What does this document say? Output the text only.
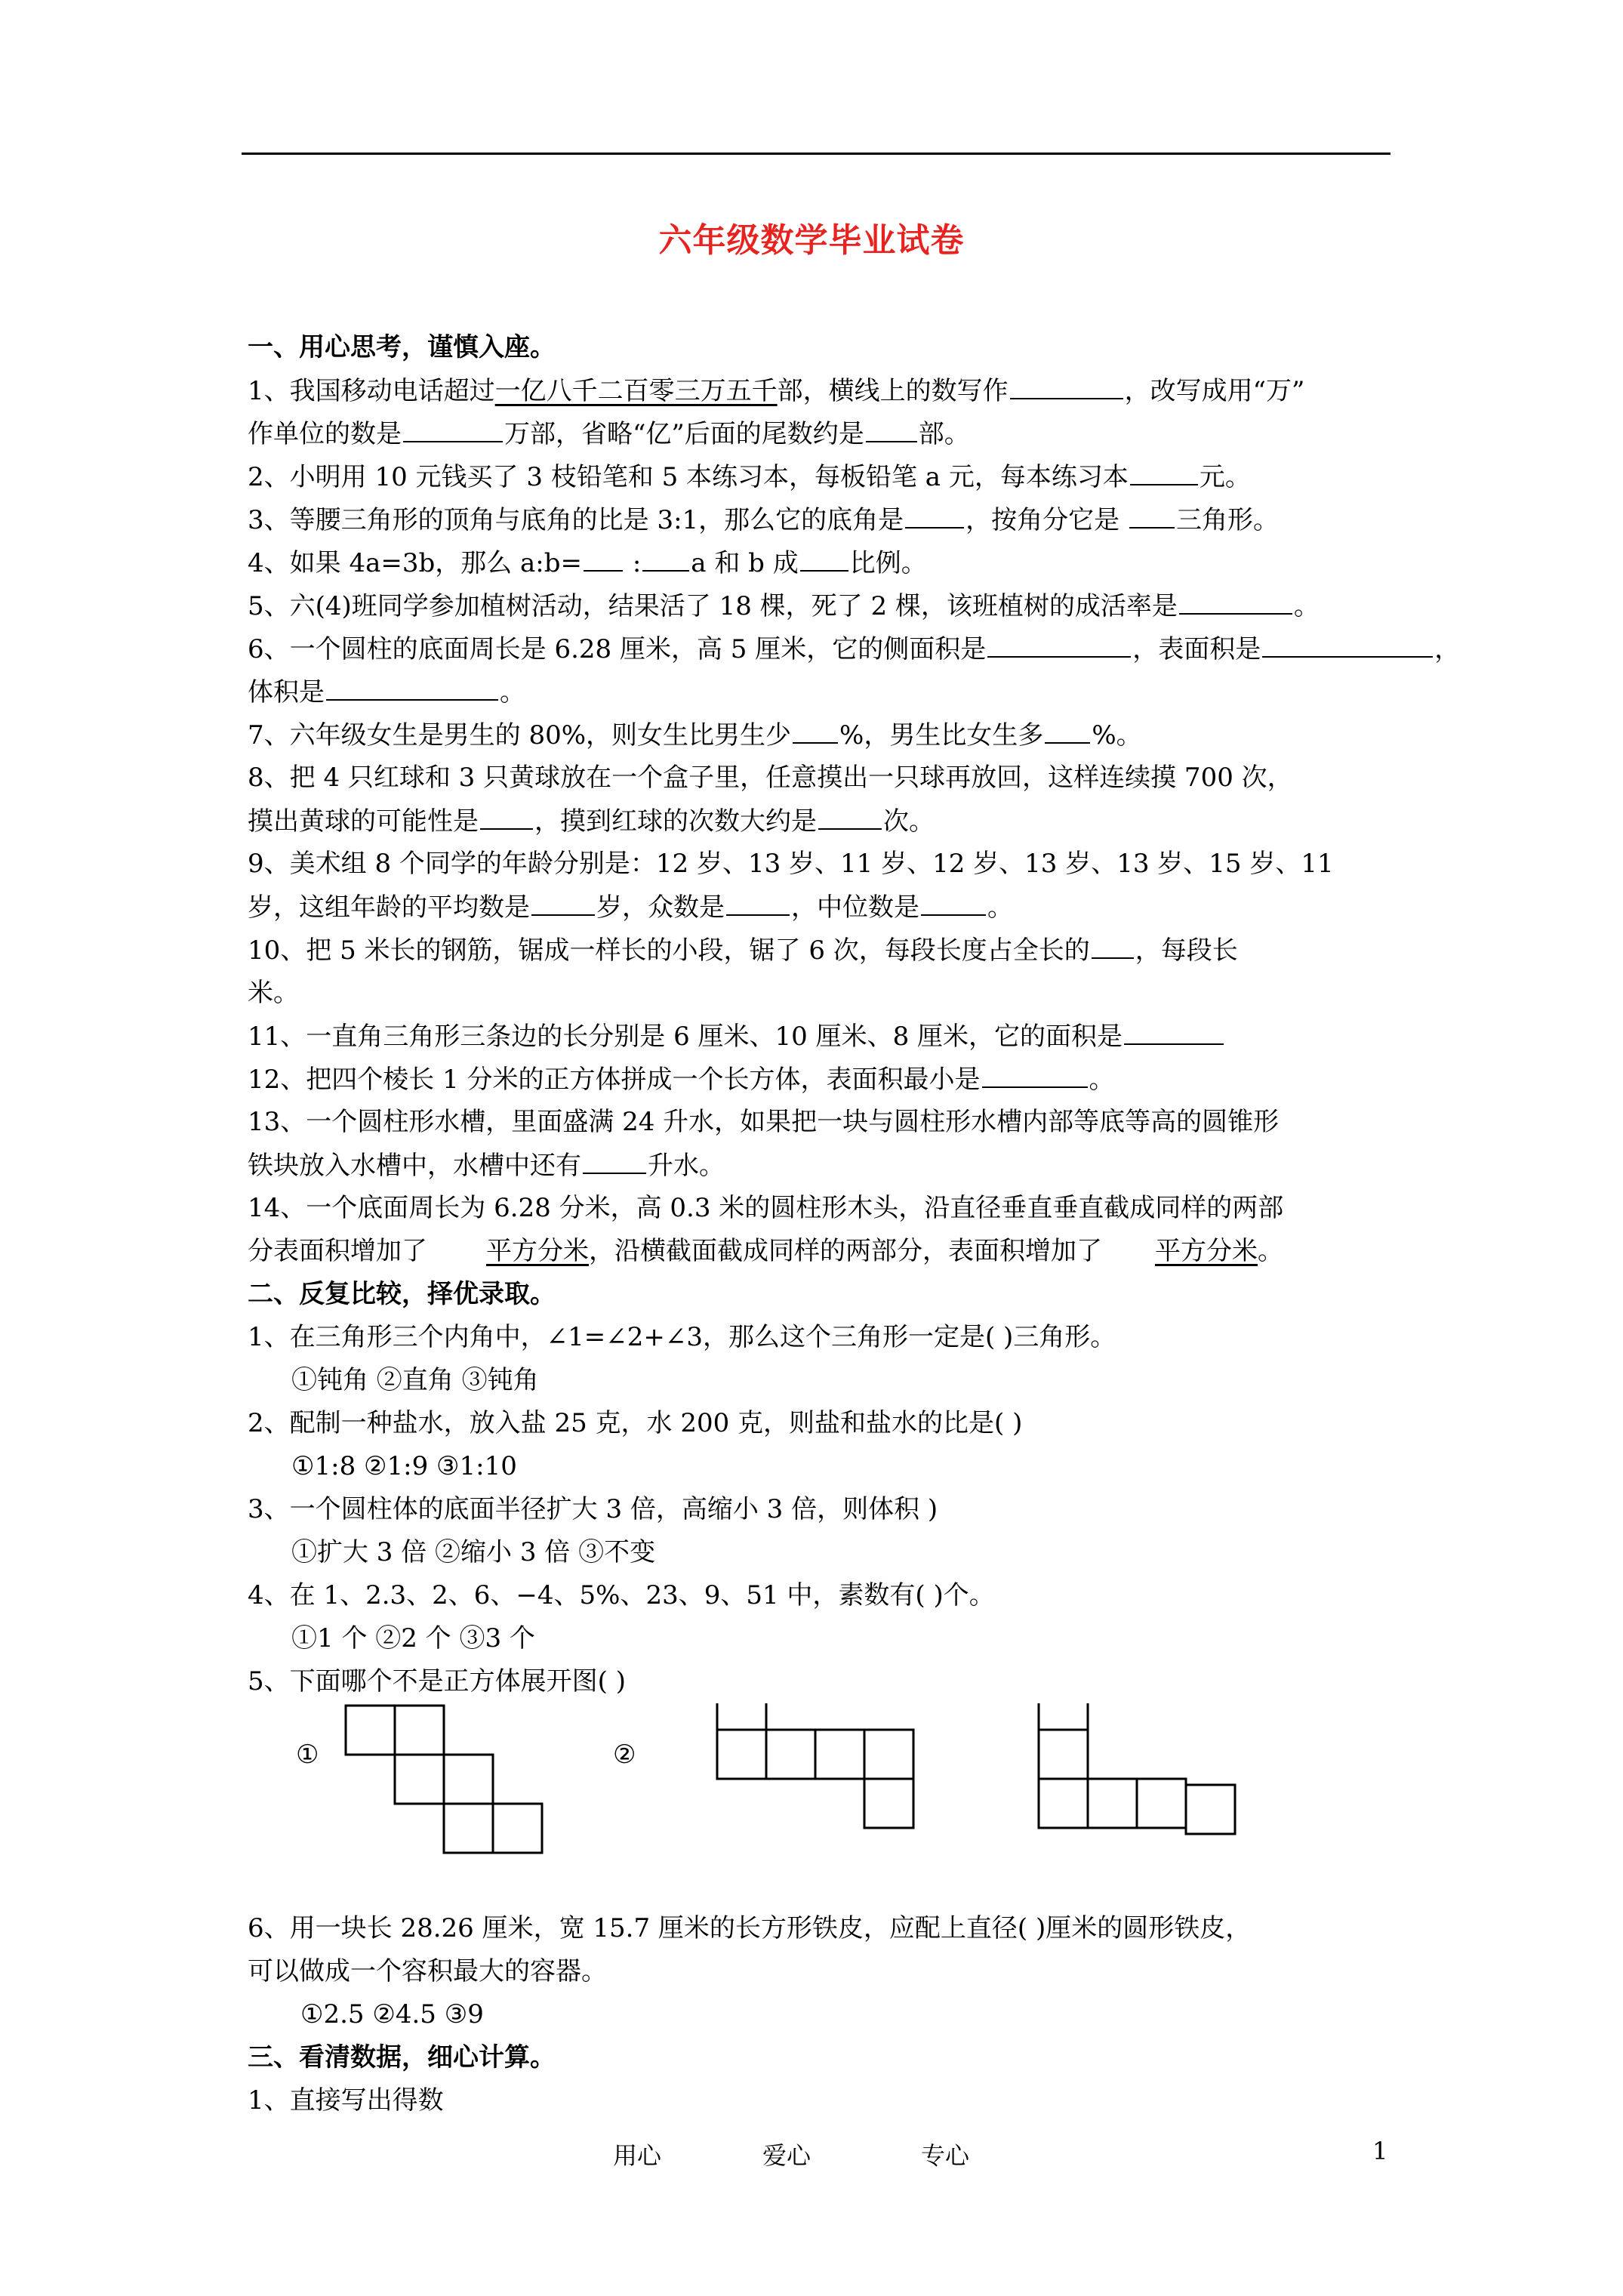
六年级数学毕业试卷
一、用心思考，谨慎入座。
1、我国移动电话超过一亿八千二百零三万五千部，横线上的数写作	，改写成用“万”
作单位的数是	万部，省略“亿”后面的尾数约是 部。
2、小明用 10 元钱买了 3 枝铅笔和 5 本练习本，每板铅笔 a 元，每本练习本	元。
3、等腰三角形的顶角与底角的比是 3:1，那么它的底角是 ，按角分它是 三角形。
4、如果 4a=3b，那么 a:b= : a 和 b 成 比例。
5、六(4)班同学参加植树活动，结果活了 18 棵，死了 2 棵，该班植树的成活率是	。
6、一个圆柱的底面周长是 6.28 厘米，高 5 厘米，它的侧面积是	，表面积是	，
体积是	。
7、六年级女生是男生的 80%，则女生比男生少 %，男生比女生多 %。
8、把 4 只红球和 3 只黄球放在一个盒子里，任意摸出一只球再放回，这样连续摸 700 次，
摸出黄球的可能性是 ，摸到红球的次数大约是	次。
9、美术组 8 个同学的年龄分别是：12 岁、13 岁、11 岁、12 岁、13 岁、13 岁、15 岁、11
岁，这组年龄的平均数是	岁，众数是	，中位数是	。
10、把 5 米长的钢筋，锯成一样长的小段，锯了 6 次，每段长度占全长的 ，每段长
米。
11、一直角三角形三条边的长分别是 6 厘米、10 厘米、8 厘米，它的面积是
12、把四个棱长 1 分米的正方体拼成一个长方体，表面积最小是	。
13、一个圆柱形水槽，里面盛满 24 升水，如果把一块与圆柱形水槽内部等底等高的圆锥形
铁块放入水槽中，水槽中还有	升水。
14、一个底面周长为 6.28 分米，高 0.3 米的圆柱形木头，沿直径垂直垂直截成同样的两部
分表面积增加了 平方分米，沿横截面截成同样的两部分，表面积增加了 平方分米。
二、反复比较，择优录取。
1、在三角形三个内角中，∠1=∠2+∠3，那么这个三角形一定是( )三角形。
①钝角 ②直角 ③钝角
2、配制一种盐水，放入盐 25 克，水 200 克，则盐和盐水的比是( )
①1:8 ②1:9 ③1:10
3、一个圆柱体的底面半径扩大 3 倍，高缩小 3 倍，则体积 )
①扩大 3 倍 ②缩小 3 倍 ③不变
4、在 1、2.3、2、6、−4、5%、23、9、51 中，素数有( )个。
①1 个 ②2 个 ③3 个
5、下面哪个不是正方体展开图( )
①	②
6、用一块长 28.26 厘米，宽 15.7 厘米的长方形铁皮，应配上直径( )厘米的圆形铁皮，
可以做成一个容积最大的容器。
①2.5 ②4.5 ③9
三、看清数据，细心计算。
1、直接写出得数
用心	爱心	专心	1
